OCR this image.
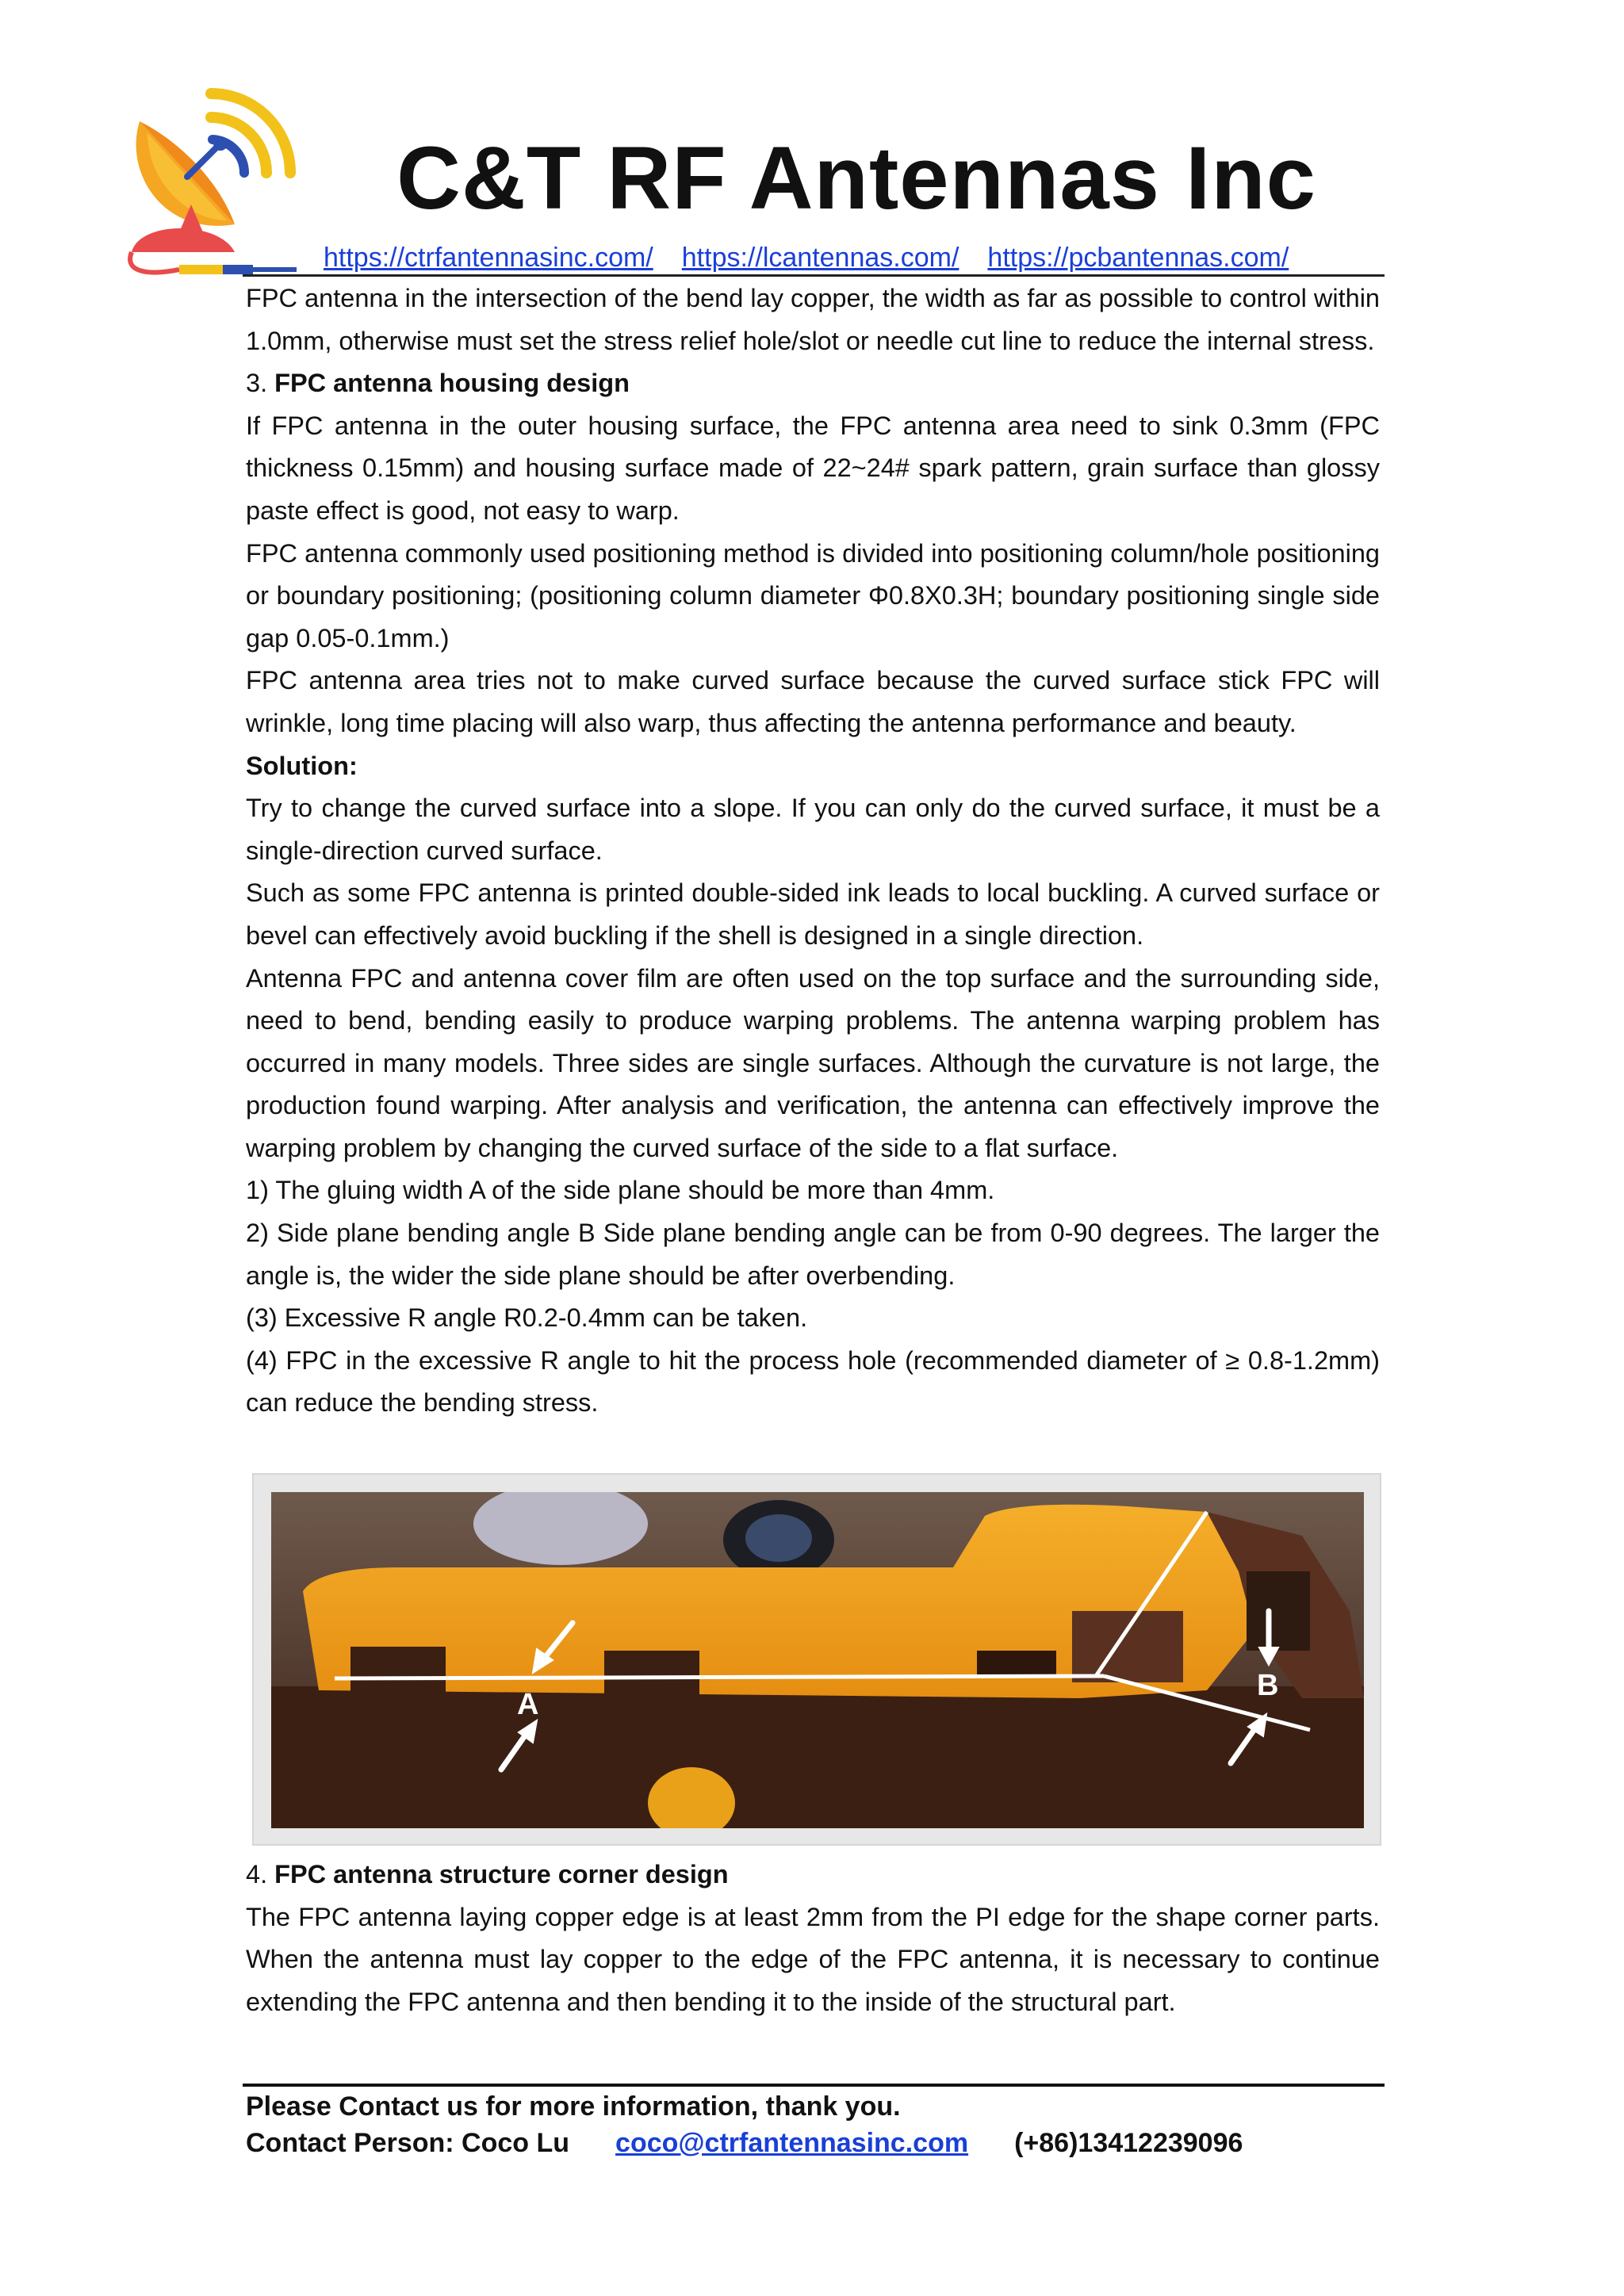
C&T RF Antennas Inc
https://ctrfantennasinc.com/ https://lcantennas.com/ https://pcbantennas.com/

FPC antenna in the intersection of the bend lay copper, the width as far as possible to control within 1.0mm, otherwise must set the stress relief hole/slot or needle cut line to reduce the internal stress.

3. FPC antenna housing design

If FPC antenna in the outer housing surface, the FPC antenna area need to sink 0.3mm (FPC thickness 0.15mm) and housing surface made of 22~24# spark pattern, grain surface than glossy paste effect is good, not easy to warp.

FPC antenna commonly used positioning method is divided into positioning column/hole positioning or boundary positioning; (positioning column diameter Φ0.8X0.3H; boundary positioning single side gap 0.05-0.1mm.)

FPC antenna area tries not to make curved surface because the curved surface stick FPC will wrinkle, long time placing will also warp, thus affecting the antenna performance and beauty.

Solution:

Try to change the curved surface into a slope. If you can only do the curved surface, it must be a single-direction curved surface.

Such as some FPC antenna is printed double-sided ink leads to local buckling. A curved surface or bevel can effectively avoid buckling if the shell is designed in a single direction.

Antenna FPC and antenna cover film are often used on the top surface and the surrounding side, need to bend, bending easily to produce warping problems. The antenna warping problem has occurred in many models. Three sides are single surfaces. Although the curvature is not large, the production found warping. After analysis and verification, the antenna can effectively improve the warping problem by changing the curved surface of the side to a flat surface.

1) The gluing width A of the side plane should be more than 4mm.

2) Side plane bending angle B Side plane bending angle can be from 0-90 degrees. The larger the angle is, the wider the side plane should be after overbending.

(3) Excessive R angle R0.2-0.4mm can be taken.

(4) FPC in the excessive R angle to hit the process hole (recommended diameter of ≥ 0.8-1.2mm) can reduce the bending stress.

A
B

4. FPC antenna structure corner design

The FPC antenna laying copper edge is at least 2mm from the PI edge for the shape corner parts. When the antenna must lay copper to the edge of the FPC antenna, it is necessary to continue extending the FPC antenna and then bending it to the inside of the structural part.

Please Contact us for more information, thank you.
Contact Person: Coco Lu coco@ctrfantennasinc.com (+86)13412239096
